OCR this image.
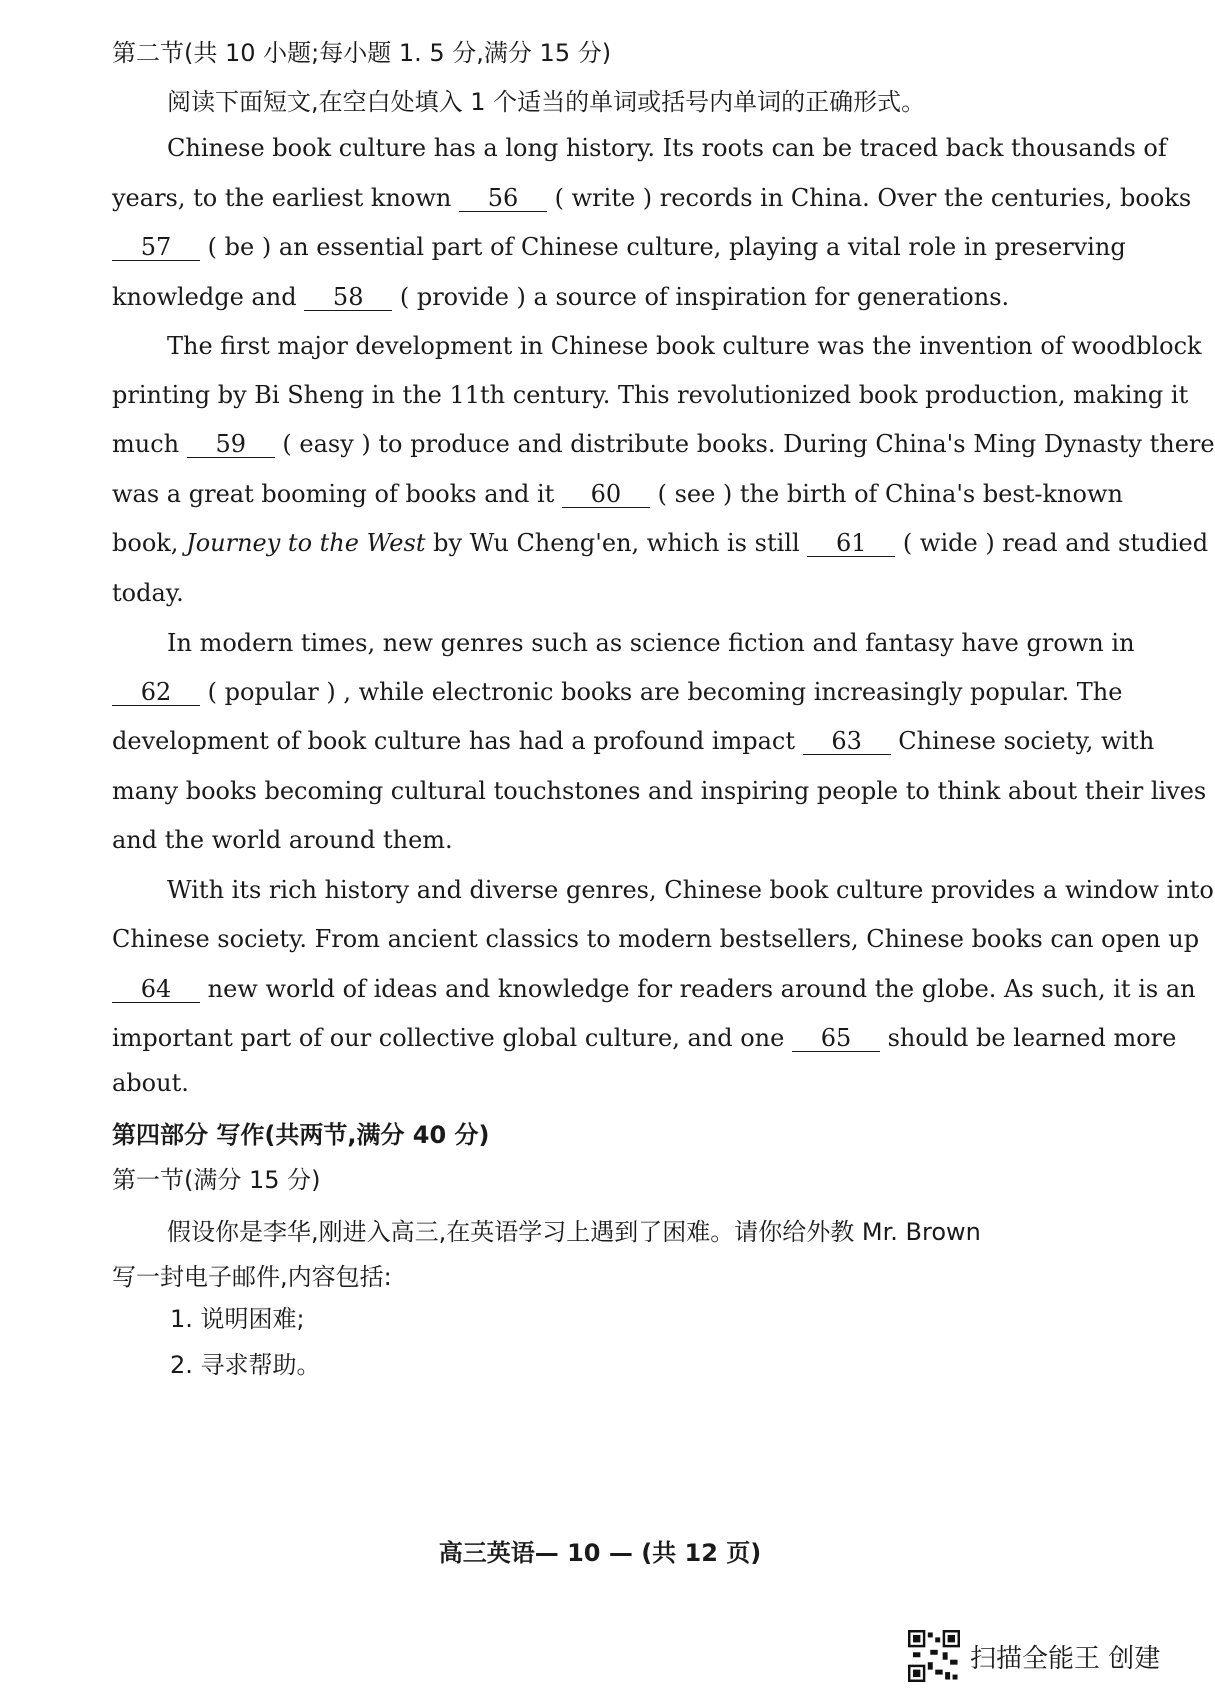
第二节(共 10 小题;每小题 1. 5 分,满分 15 分)
阅读下面短文,在空白处填入 1 个适当的单词或括号内单词的正确形式。
Chinese book culture has a long history. Its roots can be traced back thousands of
years, to the earliest known 56 ( write ) records in China. Over the centuries, books
57 ( be ) an essential part of Chinese culture, playing a vital role in preserving
knowledge and 58 ( provide ) a source of inspiration for generations.
The first major development in Chinese book culture was the invention of woodblock
printing by Bi Sheng in the 11th century. This revolutionized book production, making it
much 59 ( easy ) to produce and distribute books. During China's Ming Dynasty there
was a great booming of books and it 60 ( see ) the birth of China's best-known
book, Journey to the West by Wu Cheng'en, which is still 61 ( wide ) read and studied
today.
In modern times, new genres such as science fiction and fantasy have grown in
62 ( popular ) , while electronic books are becoming increasingly popular. The
development of book culture has had a profound impact 63 Chinese society, with
many books becoming cultural touchstones and inspiring people to think about their lives
and the world around them.
With its rich history and diverse genres, Chinese book culture provides a window into
Chinese society. From ancient classics to modern bestsellers, Chinese books can open up
64 new world of ideas and knowledge for readers around the globe. As such, it is an
important part of our collective global culture, and one 65 should be learned more
about.
第四部分 写作(共两节,满分 40 分)
第一节(满分 15 分)
假设你是李华,刚进入高三,在英语学习上遇到了困难。请你给外教 Mr. Brown
写一封电子邮件,内容包括:
1. 说明困难;
2. 寻求帮助。
高三英语— 10 — (共 12 页)
扫描全能王 创建
